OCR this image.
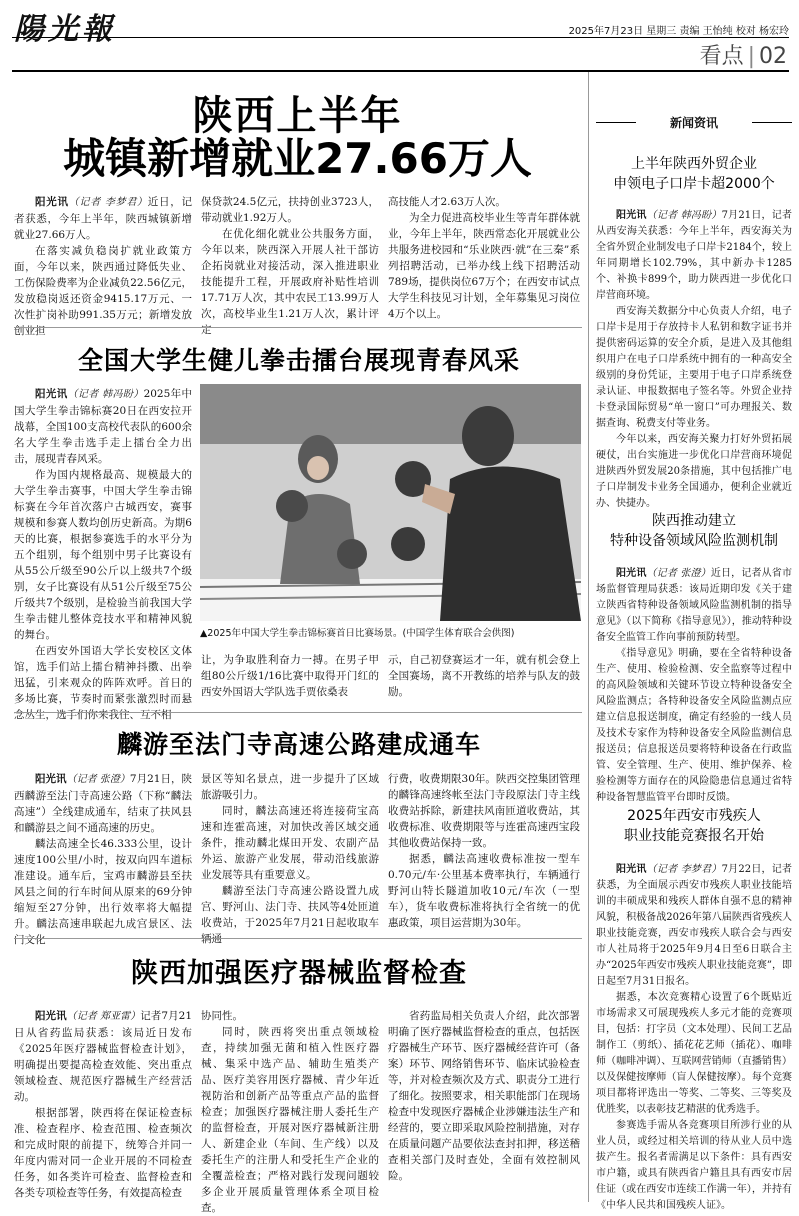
陽光報	2025年7月23日 星期三 责编 王怡纯 校对 杨宏玲
看点 | 02
陕西上半年
城镇新增就业27.66万人

阳光讯（记者 李梦君）近日，记者获悉，今年上半年，陕西城镇新增就业27.66万人。

在落实减负稳岗扩就业政策方面，今年以来，陕西通过降低失业、工伤保险费率为企业减负22.56亿元，发放稳岗返还资金9415.17万元、一次性扩岗补助991.35万元；新增发放创业担

保贷款24.5亿元，扶持创业3723人，带动就业1.92万人。

在优化细化就业公共服务方面，今年以来，陕西深入开展人社干部访企拓岗就业对接活动，深入推进职业技能提升工程，开展政府补贴性培训17.71万人次，其中农民工13.99万人次，高校毕业生1.21万人次，累计评定

高技能人才2.63万人次。

为全力促进高校毕业生等青年群体就业，今年上半年，陕西常态化开展就业公共服务进校园和“乐业陕西·就”在三秦”系列招聘活动，已举办线上线下招聘活动789场，提供岗位67万个；在西安市试点大学生科技见习计划，全年募集见习岗位4万个以上。

全国大学生健儿拳击擂台展现青春风采

阳光讯（记者 韩冯盼）2025年中国大学生拳击锦标赛20日在西安拉开战幕，全国100支高校代表队的600余名大学生拳击选手走上擂台全力出击，展现青春风采。

作为国内规格最高、规模最大的大学生拳击赛事，中国大学生拳击锦标赛在今年首次落户古城西安，赛事规模和参赛人数均创历史新高。为期6天的比赛，根据参赛选手的水平分为五个组别，每个组别中男子比赛设有从55公斤级至90公斤以上级共7个级别，女子比赛设有从51公斤级至75公斤级共7个级别，是检验当前我国大学生拳击健儿整体竞技水平和精神风貌的舞台。

在西安外国语大学长安校区文体馆，选手们站上擂台精神抖擞、出拳迅猛，引来观众的阵阵欢呼。首日的多场比赛，节奏时而紧张激烈时而悬念丛生，选手们你来我往、互不相

▲2025年中国大学生拳击锦标赛首日比赛场景。(中国学生体育联合会供图)

让，为争取胜利奋力一搏。在男子甲组80公斤级1/16比赛中取得开门红的西安外国语大学队选手贾依桑表

示，自己初登赛运才一年，就有机会登上全国赛场，离不开教练的培养与队友的鼓励。

麟游至法门寺高速公路建成通车

阳光讯（记者 张澄）7月21日，陕西麟游至法门寺高速公路（下称“麟法高速”）全线建成通车，结束了扶风县和麟游县之间不通高速的历史。

麟法高速全长46.333公里，设计速度100公里/小时，按双向四车道标准建设。通车后，宝鸡市麟游县至扶风县之间的行车时间从原来的69分钟缩短至27分钟，出行效率将大幅提升。麟法高速串联起九成宫景区、法门文化

景区等知名景点，进一步提升了区域旅游吸引力。

同时，麟法高速还将连接荷宝高速和连霍高速，对加快改善区域交通条件，推动麟北煤田开发、农副产品外运、旅游产业发展，带动沿线旅游业发展等具有重要意义。

麟游至法门寺高速公路设置九成宫、野河山、法门寺、扶风等4处匝道收费站，于2025年7月21日起收取车辆通

行费，收费期限30年。陕西交控集团管理的麟锋高速终帐至法门寺段原法门寺主线收费站拆除，新建扶风南匝道收费站，其收费标准、收费期限等与连霍高速西宝段其他收费站保持一致。

据悉，麟法高速收费标准按一型车0.70元/车·公里基本费率执行，车辆通行野河山特长隧道加收10元/车次（一型车），货车收费标准将执行全省统一的优惠政策，项目运营期为30年。

陕西加强医疗器械监督检查

阳光讯（记者 郑亚雷）记者7月21日从省药监局获悉：该局近日发布《2025年医疗器械监督检查计划》，明确提出要提高检查效能、突出重点领域检查、规范医疗器械生产经营活动。

根据部署，陕西将在保证检查标准、检查程序、检查范围、检查频次和完成时限的前提下，统筹合并同一年度内需对同一企业开展的不同检查任务，如各类许可检查、监督检查和各类专项检查等任务，有效提高检查

协同性。

同时，陕西将突出重点领域检查，持续加强无菌和植入性医疗器械、集采中选产品、辅助生殖类产品、医疗美容用医疗器械、青少年近视防治和创新产品等重点产品的监督检查；加强医疗器械注册人委托生产的监督检查，开展对医疗器械新注册人、新建企业（车间、生产线）以及委托生产的注册人和受托生产企业的全覆盖检查；严格对践行发现问题较多企业开展质量管理体系全项目检查。

省药监局相关负责人介绍，此次部署明确了医疗器械监督检查的重点，包括医疗器械生产环节、医疗器械经营许可（备案）环节、网络销售环节、临床试验检查等，并对检查频次及方式、职责分工进行了细化。按照要求，相关职能部门在现场检查中发现医疗器械企业涉嫌违法生产和经营的，要立即采取风险控制措施，对存在质量问题产品要依法查封扣押，移送稽查相关部门及时查处，全面有效控制风险。

新闻资讯
上半年陕西外贸企业
申领电子口岸卡超2000个

阳光讯（记者 韩冯盼）7月21日，记者从西安海关获悉：今年上半年，西安海关为全省外贸企业制发电子口岸卡2184个，较上年同期增长102.79%，其中新办卡1285个、补换卡899个，助力陕西进一步优化口岸营商环境。

西安海关数据分中心负责人介绍，电子口岸卡是用于存放持卡人私钥和数字证书并提供密码运算的安全介质，是进入及其他组织用户在电子口岸系统中拥有的一种高安全级别的身份凭证，主要用于电子口岸系统登录认证、申报数据电子签名等。外贸企业持卡登录国际贸易“单一窗口”可办理报关、数据查询、税费支付等业务。

今年以来，西安海关聚力打好外贸拓展硬仗，出台实施进一步优化口岸营商环境促进陕西外贸发展20条措施，其中包括推广电子口岸制发卡业务全国通办，便利企业就近办、快捷办。

陕西推动建立
特种设备领域风险监测机制

阳光讯（记者 张澄）近日，记者从省市场监督管理局获悉：该局近期印发《关于建立陕西省特种设备领域风险监测机制的指导意见》（以下简称《指导意见》），推动特种设备安全监管工作向事前预防转型。

《指导意见》明确，要在全省特种设备生产、使用、检验检测、安全监察等过程中的高风险领域和关键环节设立特种设备安全风险监测点；各特种设备安全风险监测点应建立信息报送制度，确定有经验的一线人员及技术专家作为特种设备安全风险监测信息报送员；信息报送员要将特种设备在行政监管、安全管理、生产、使用、维护保养、检验检测等方面存在的风险隐患信息通过省特种设备智慧监管平台即时反馈。

2025年西安市残疾人
职业技能竞赛报名开始

阳光讯（记者 李梦君）7月22日，记者获悉，为全面展示西安市残疾人职业技能培训的丰硕成果和残疾人群体自强不息的精神风貌，积极备战2026年第八届陕西省残疾人职业技能竞赛，西安市残疾人联合会与西安市人社局将于2025年9月4日至6日联合主办“2025年西安市残疾人职业技能竞赛”，即日起至7月31日报名。

据悉，本次竞赛精心设置了6个既贴近市场需求又可展现残疾人多元才能的竞赛项目，包括：打字员（文本处理）、民间工艺品制作工（剪纸）、插花花艺师（插花）、咖啡师（咖啡冲调）、互联网营销师（直播销售）以及保健按摩师（盲人保健按摩）。每个竞赛项目都将评选出一等奖、二等奖、三等奖及优胜奖，以表彰技艺精湛的优秀选手。

参赛选手需从各竞赛项目所涉行业的从业人员，或经过相关培训的待从业人员中选拔产生。报名者需满足以下条件：具有西安市户籍，或具有陕西省户籍且具有西安市居住证（或在西安市连续工作满一年），并持有《中华人民共和国残疾人证》。
